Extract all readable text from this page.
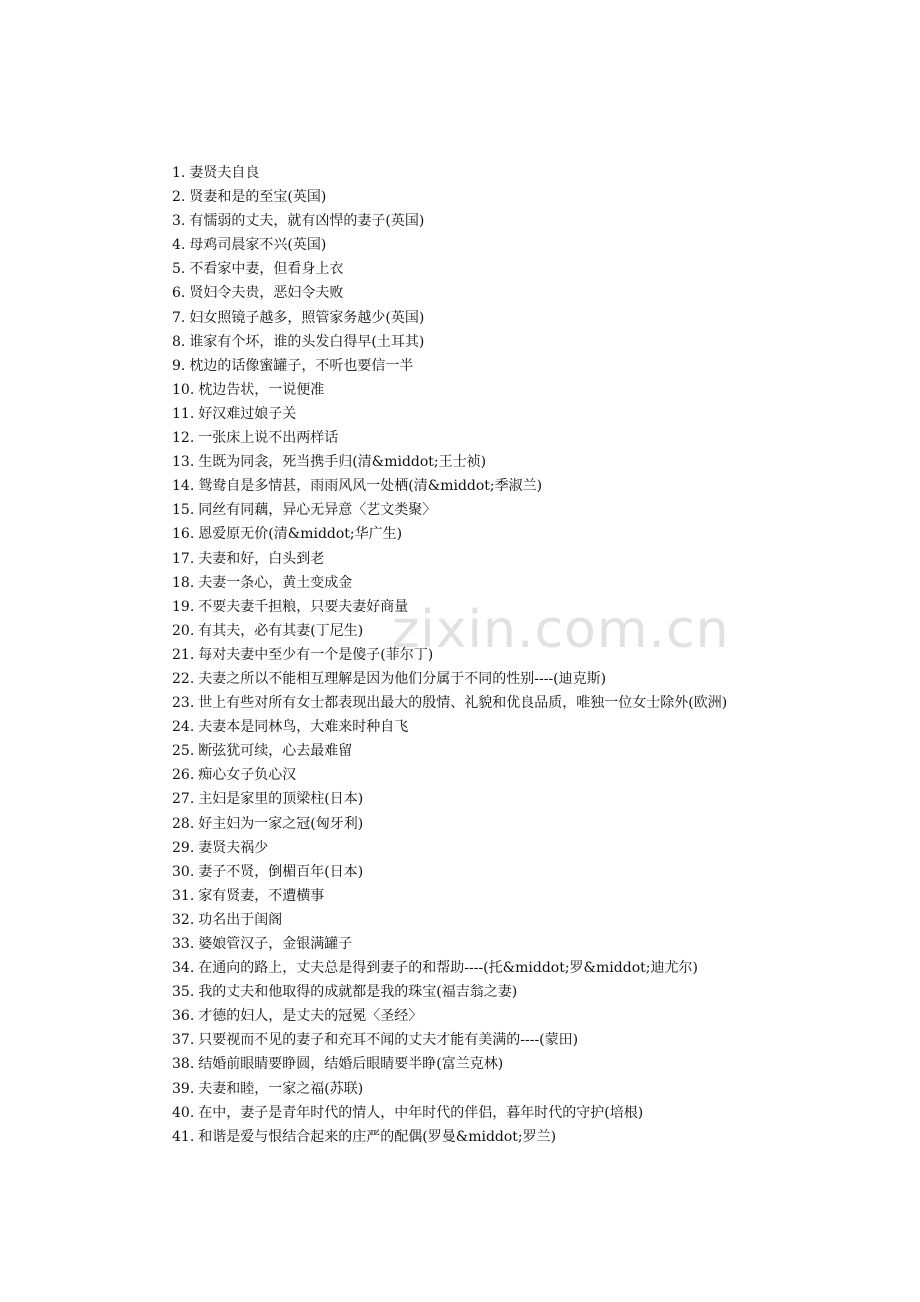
1. 妻贤夫自良
2. 贤妻和是的至宝(英国)
3. 有懦弱的丈夫，就有凶悍的妻子(英国)
4. 母鸡司晨家不兴(英国)
5. 不看家中妻，但看身上衣
6. 贤妇令夫贵，恶妇令夫败
7. 妇女照镜子越多，照管家务越少(英国)
8. 谁家有个坏，谁的头发白得早(土耳其)
9. 枕边的话像蜜罐子，不听也要信一半
10. 枕边告状，一说便准
11. 好汉难过娘子关
12. 一张床上说不出两样话
13. 生既为同衾，死当携手归(清&middot;王士祯)
14. 鸳鸯自是多情甚，雨雨风风一处栖(清&middot;季淑兰)
15. 同丝有同藕，异心无异意〈艺文类聚〉
16. 恩爱原无价(清&middot;华广生)
17. 夫妻和好，白头到老
18. 夫妻一条心，黄土变成金
19. 不要夫妻千担粮，只要夫妻好商量
20. 有其夫，必有其妻(丁尼生)
21. 每对夫妻中至少有一个是傻子(菲尔丁)
22. 夫妻之所以不能相互理解是因为他们分属于不同的性别----(迪克斯)
23. 世上有些对所有女士都表现出最大的殷情、礼貌和优良品质，唯独一位女士除外(欧洲)
24. 夫妻本是同林鸟，大难来时种自飞
25. 断弦犹可续，心去最难留
26. 痴心女子负心汉
27. 主妇是家里的顶梁柱(日本)
28. 好主妇为一家之冠(匈牙利)
29. 妻贤夫祸少
30. 妻子不贤，倒楣百年(日本)
31. 家有贤妻，不遭横事
32. 功名出于闺阁
33. 婆娘管汉子，金银满罐子
34. 在通向的路上，丈夫总是得到妻子的和帮助----(托&middot;罗&middot;迪尤尔)
35. 我的丈夫和他取得的成就都是我的珠宝(福吉翁之妻)
36. 才德的妇人，是丈夫的冠冕〈圣经〉
37. 只要视而不见的妻子和充耳不闻的丈夫才能有美满的----(蒙田)
38. 结婚前眼睛要睁圆，结婚后眼睛要半睁(富兰克林)
39. 夫妻和睦，一家之福(苏联)
40. 在中，妻子是青年时代的情人，中年时代的伴侣，暮年时代的守护(培根)
41. 和谐是爱与恨结合起来的庄严的配偶(罗曼&middot;罗兰)
zixin.com.cn
